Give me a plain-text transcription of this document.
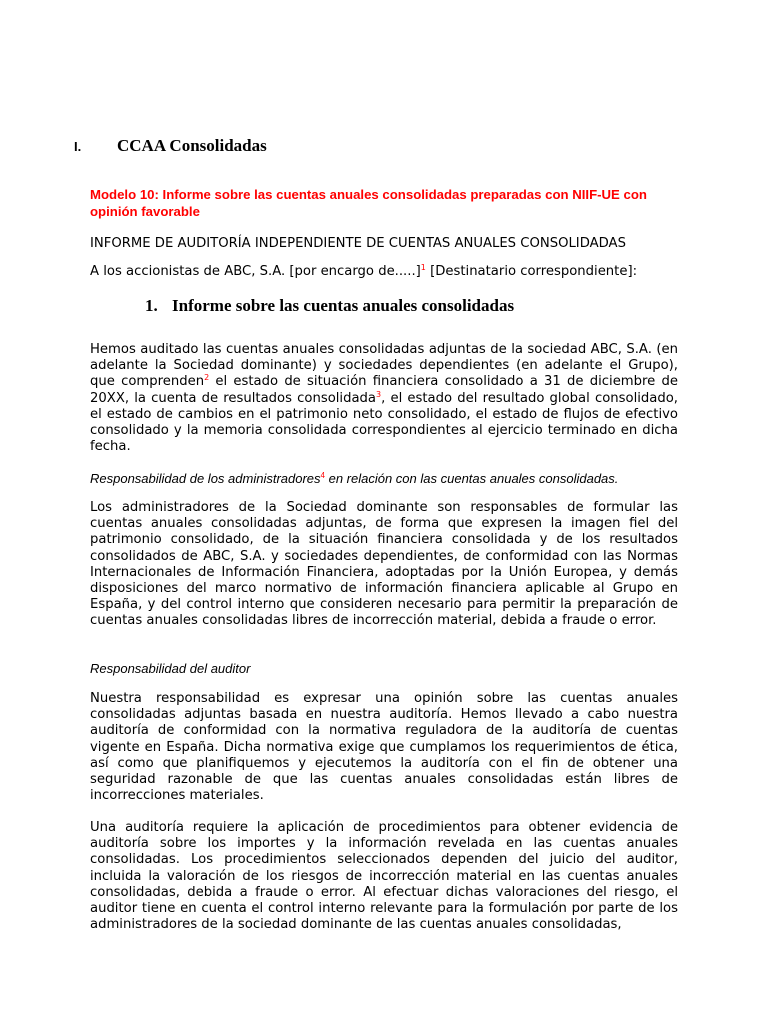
I.	CCAA Consolidadas
Modelo 10: Informe sobre las cuentas anuales consolidadas preparadas con NIIF-UE con opinión favorable
INFORME DE AUDITORÍA INDEPENDIENTE DE CUENTAS ANUALES CONSOLIDADAS
A los accionistas de ABC, S.A. [por encargo de.....]$^1$ [Destinatario correspondiente]:
1. Informe sobre las cuentas anuales consolidadas

Hemos auditado las cuentas anuales consolidadas adjuntas de la sociedad ABC, S.A. (en adelante la Sociedad dominante) y sociedades dependientes (en adelante el Grupo), que comprenden$^2$ el estado de situación financiera consolidado a 31 de diciembre de 20XX, la cuenta de resultados consolidada$^3$, el estado del resultado global consolidado, el estado de cambios en el patrimonio neto consolidado, el estado de flujos de efectivo consolidado y la memoria consolidada correspondientes al ejercicio terminado en dicha fecha.

Responsabilidad de los administradores$^4$ en relación con las cuentas anuales consolidadas.

Los administradores de la Sociedad dominante son responsables de formular las cuentas anuales consolidadas adjuntas, de forma que expresen la imagen fiel del patrimonio consolidado, de la situación financiera consolidada y de los resultados consolidados de ABC, S.A. y sociedades dependientes, de conformidad con las Normas Internacionales de Información Financiera, adoptadas por la Unión Europea, y demás disposiciones del marco normativo de información financiera aplicable al Grupo en España, y del control interno que consideren necesario para permitir la preparación de cuentas anuales consolidadas libres de incorrección material, debida a fraude o error.

Responsabilidad del auditor

Nuestra responsabilidad es expresar una opinión sobre las cuentas anuales consolidadas adjuntas basada en nuestra auditoría. Hemos llevado a cabo nuestra auditoría de conformidad con la normativa reguladora de la auditoría de cuentas vigente en España. Dicha normativa exige que cumplamos los requerimientos de ética, así como que planifiquemos y ejecutemos la auditoría con el fin de obtener una seguridad razonable de que las cuentas anuales consolidadas están libres de incorrecciones materiales.

Una auditoría requiere la aplicación de procedimientos para obtener evidencia de auditoría sobre los importes y la información revelada en las cuentas anuales consolidadas. Los procedimientos seleccionados dependen del juicio del auditor, incluida la valoración de los riesgos de incorrección material en las cuentas anuales consolidadas, debida a fraude o error. Al efectuar dichas valoraciones del riesgo, el auditor tiene en cuenta el control interno relevante para la formulación por parte de los administradores de la sociedad dominante de las cuentas anuales consolidadas,
